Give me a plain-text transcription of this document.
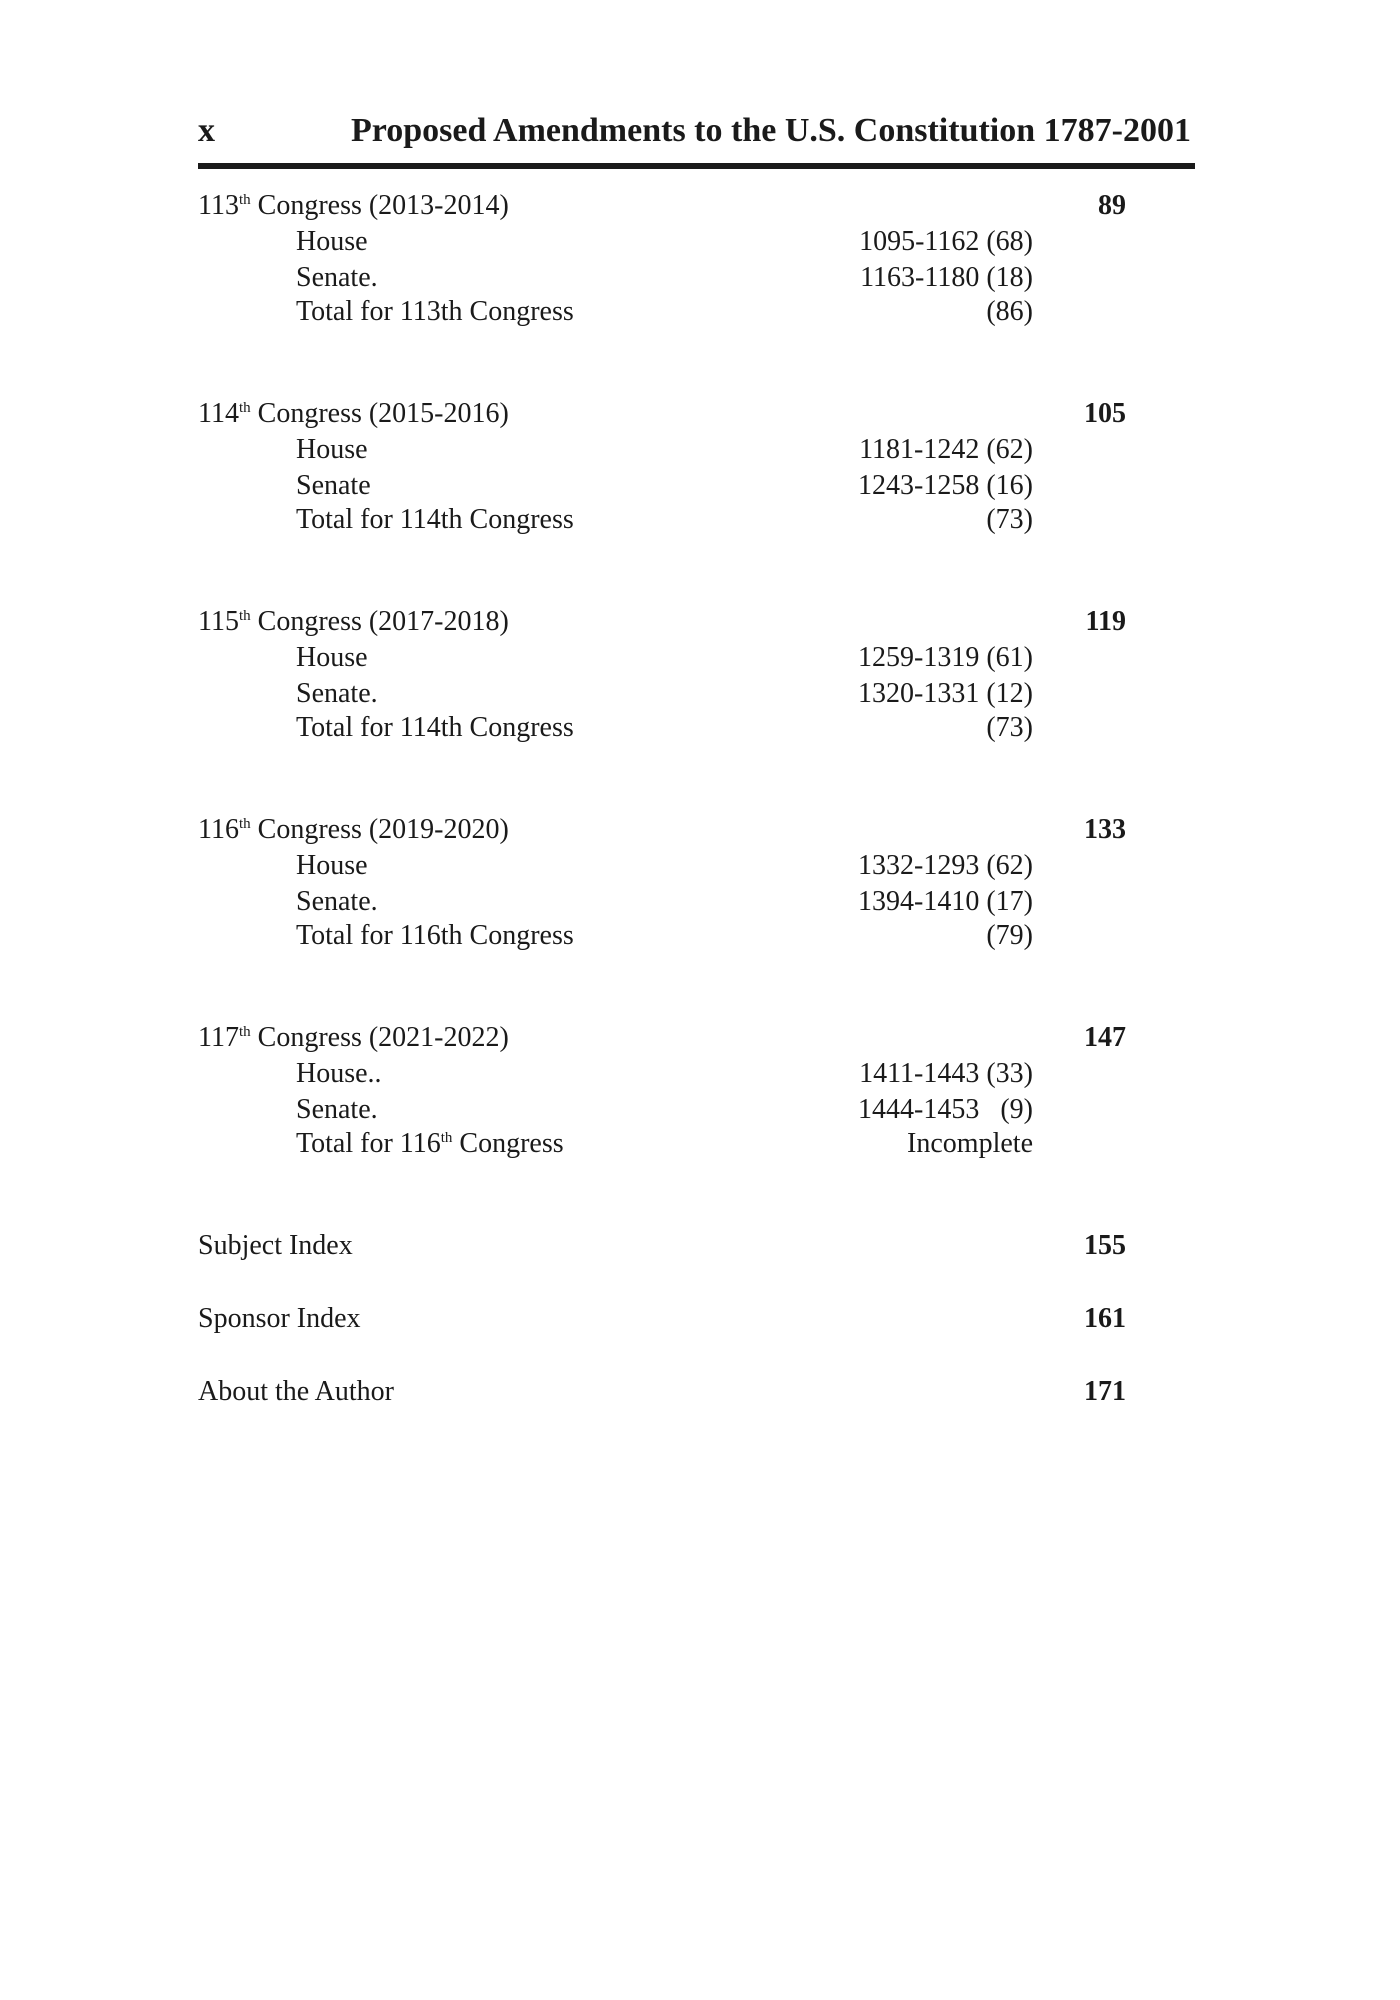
x	Proposed Amendments to the U.S. Constitution 1787-2001
113th Congress (2013-2014)	89
House	1095-1162 (68)
Senate.	1163-1180 (18)
Total for 113th Congress	(86)
114th Congress (2015-2016)	105
House	1181-1242 (62)
Senate	1243-1258 (16)
Total for 114th Congress	(73)
115th Congress (2017-2018)	119
House	1259-1319 (61)
Senate.	1320-1331 (12)
Total for 114th Congress	(73)
116th Congress (2019-2020)	133
House	1332-1293 (62)
Senate.	1394-1410 (17)
Total for 116th Congress	(79)
117th Congress (2021-2022)	147
House..	1411-1443 (33)
Senate.	1444-1453   (9)
Total for 116th Congress	Incomplete
Subject Index	155
Sponsor Index	161
About the Author	171
